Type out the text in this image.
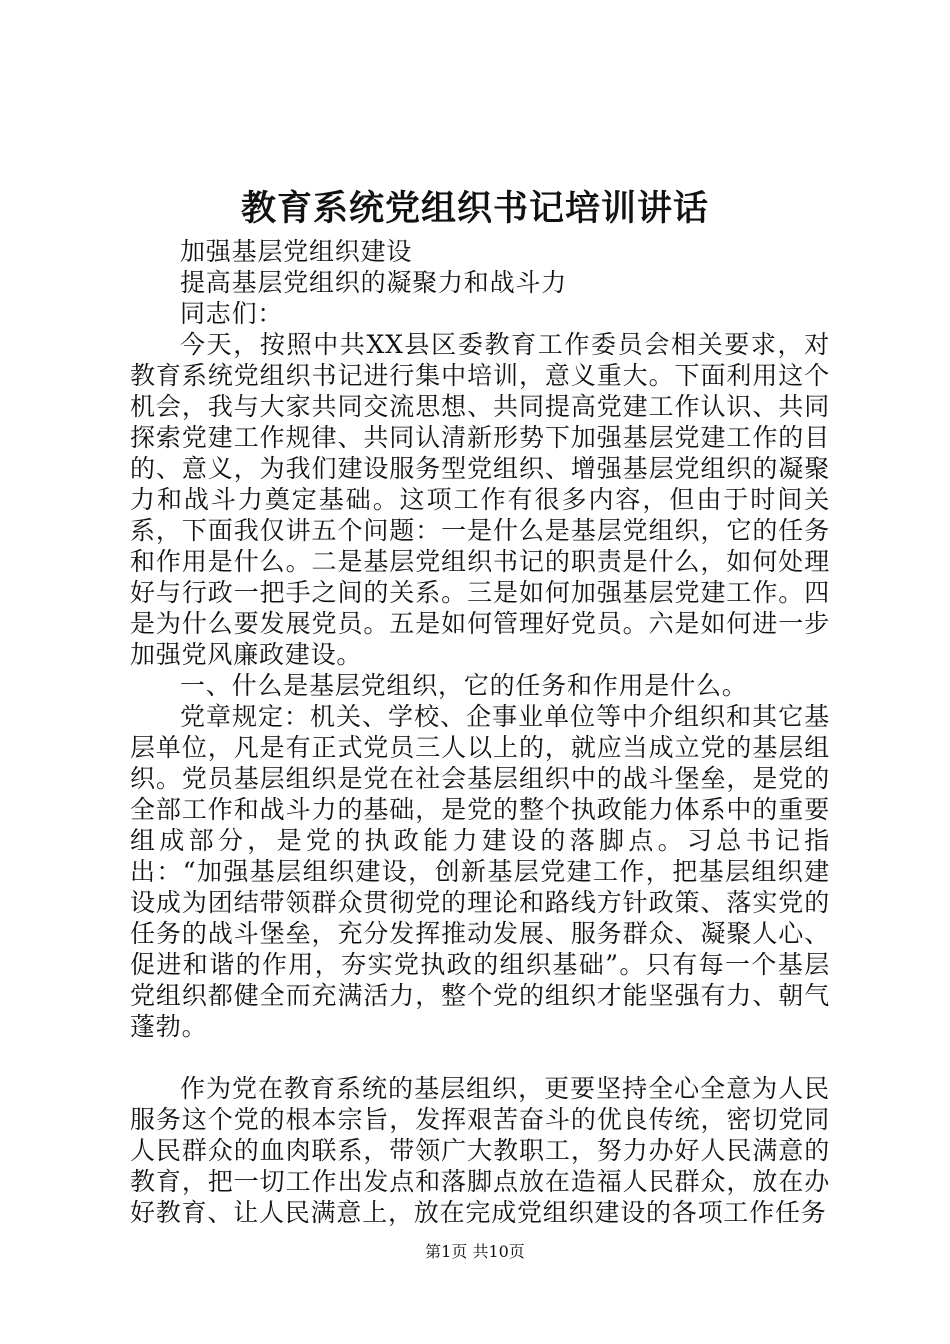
教育系统党组织书记培训讲话

加强基层党组织建设

提高基层党组织的凝聚力和战斗力

同志们：

今天，按照中共XX县区委教育工作委员会相关要求，对教育系统党组织书记进行集中培训，意义重大。下面利用这个机会，我与大家共同交流思想、共同提高党建工作认识、共同探索党建工作规律、共同认清新形势下加强基层党建工作的目的、意义，为我们建设服务型党组织、增强基层党组织的凝聚力和战斗力奠定基础。这项工作有很多内容，但由于时间关系，下面我仅讲五个问题：一是什么是基层党组织，它的任务和作用是什么。二是基层党组织书记的职责是什么，如何处理好与行政一把手之间的关系。三是如何加强基层党建工作。四是为什么要发展党员。五是如何管理好党员。六是如何进一步加强党风廉政建设。

一、什么是基层党组织，它的任务和作用是什么。

党章规定：机关、学校、企事业单位等中介组织和其它基层单位，凡是有正式党员三人以上的，就应当成立党的基层组织。党员基层组织是党在社会基层组织中的战斗堡垒，是党的全部工作和战斗力的基础，是党的整个执政能力体系中的重要组成部分，是党的执政能力建设的落脚点。习总书记指出：“加强基层组织建设，创新基层党建工作，把基层组织建设成为团结带领群众贯彻党的理论和路线方针政策、落实党的任务的战斗堡垒，充分发挥推动发展、服务群众、凝聚人心、促进和谐的作用，夯实党执政的组织基础”。只有每一个基层党组织都健全而充满活力，整个党的组织才能坚强有力、朝气蓬勃。

作为党在教育系统的基层组织，更要坚持全心全意为人民服务这个党的根本宗旨，发挥艰苦奋斗的优良传统，密切党同人民群众的血肉联系，带领广大教职工，努力办好人民满意的教育，把一切工作出发点和落脚点放在造福人民群众，放在办好教育、让人民满意上，放在完成党组织建设的各项工作任务

第1页 共10页
